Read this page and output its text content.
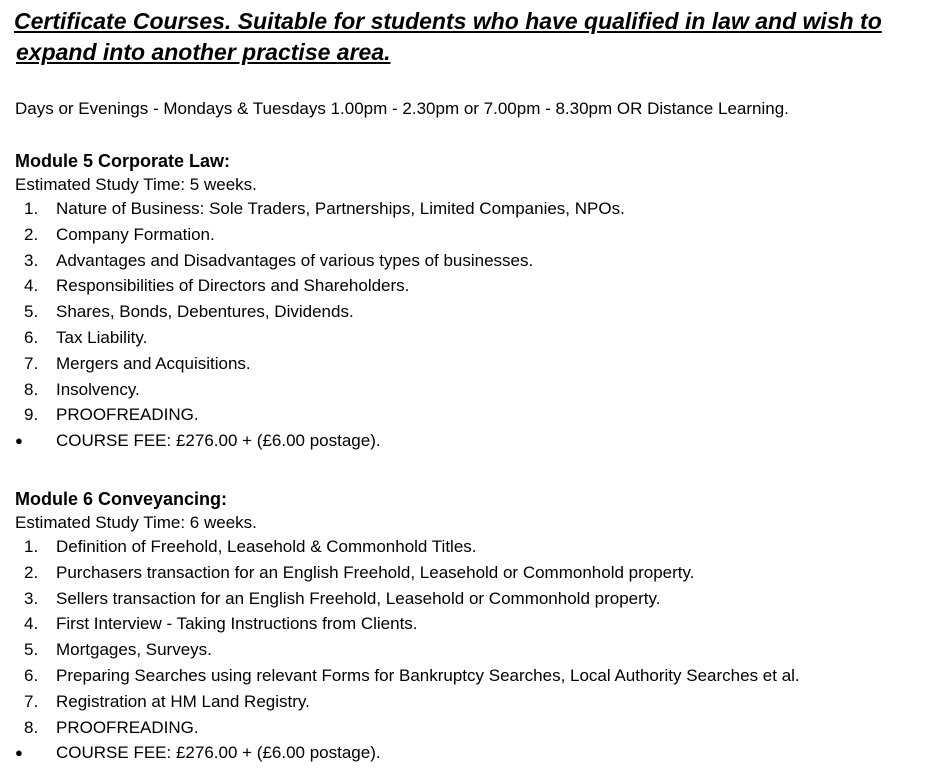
Certificate Courses. Suitable for students who have qualified in law and wish to
expand into another practise area.
Days or Evenings - Mondays & Tuesdays 1.00pm - 2.30pm or 7.00pm - 8.30pm OR Distance Learning.
Module 5 Corporate Law:
Estimated Study Time: 5 weeks.
1. Nature of Business: Sole Traders, Partnerships, Limited Companies, NPOs.
2. Company Formation.
3. Advantages and Disadvantages of various types of businesses.
4. Responsibilities of Directors and Shareholders.
5. Shares, Bonds, Debentures, Dividends.
6. Tax Liability.
7. Mergers and Acquisitions.
8. Insolvency.
9. PROOFREADING.
● COURSE FEE: £276.00 + (£6.00 postage).
Module 6 Conveyancing:
Estimated Study Time: 6 weeks.
1. Definition of Freehold, Leasehold & Commonhold Titles.
2. Purchasers transaction for an English Freehold, Leasehold or Commonhold property.
3. Sellers transaction for an English Freehold, Leasehold or Commonhold property.
4. First Interview - Taking Instructions from Clients.
5. Mortgages, Surveys.
6. Preparing Searches using relevant Forms for Bankruptcy Searches, Local Authority Searches et al.
7. Registration at HM Land Registry.
8. PROOFREADING.
● COURSE FEE: £276.00 + (£6.00 postage).
